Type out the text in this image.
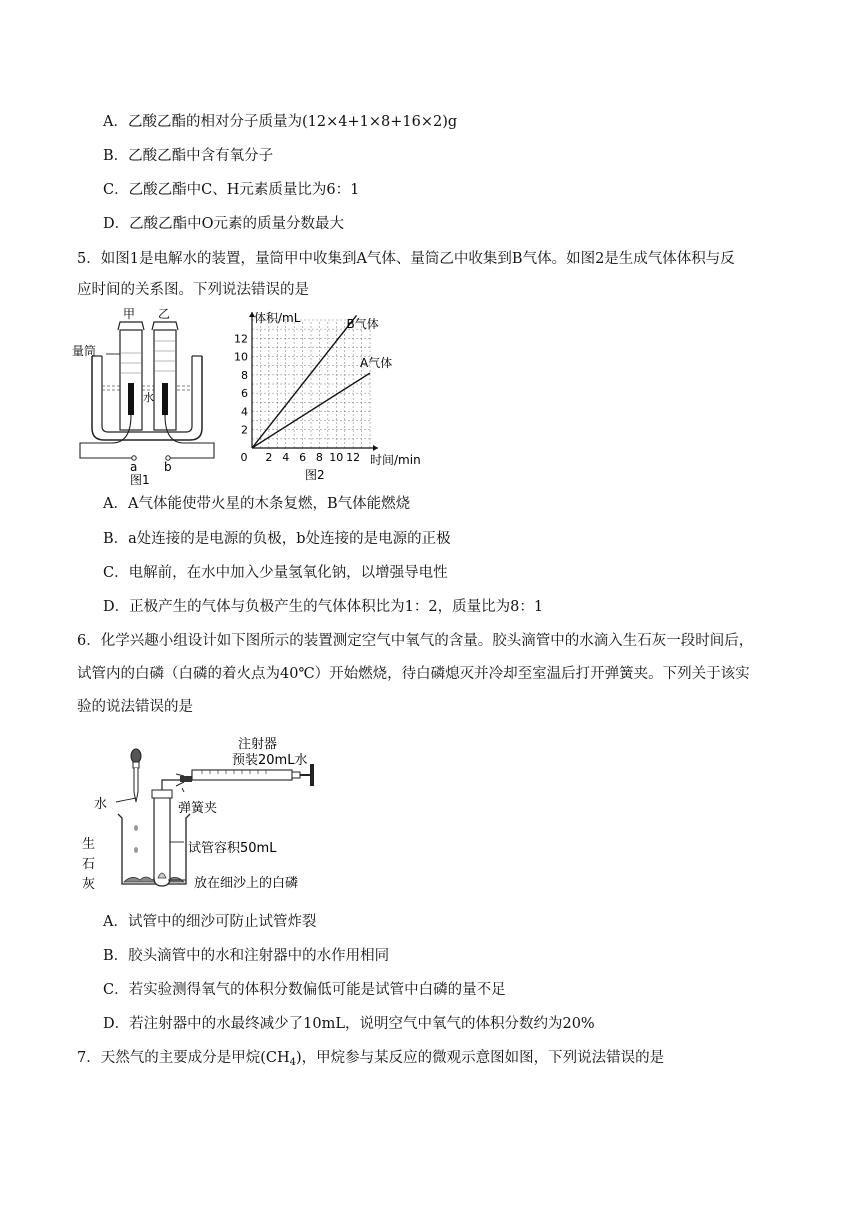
A．乙酸乙酯的相对分子质量为(12×4+1×8+16×2)g
B．乙酸乙酯中含有氧分子
C．乙酸乙酯中C、H元素质量比为6：1
D．乙酸乙酯中O元素的质量分数最大
5．如图1是电解水的装置，量筒甲中收集到A气体、量筒乙中收集到B气体。如图2是生成气体体积与反
应时间的关系图。下列说法错误的是
甲 乙
量筒
水
a b
图1
0 2 4 6 8 10 12
2
4
6
8
10
12
B气体
A气体
体积/mL
时间/min
图2
A．A气体能使带火星的木条复燃，B气体能燃烧
B．a处连接的是电源的负极，b处连接的是电源的正极
C．电解前，在水中加入少量氢氧化钠，以增强导电性
D．正极产生的气体与负极产生的气体体积比为1：2，质量比为8：1
6．化学兴趣小组设计如下图所示的装置测定空气中氧气的含量。胶头滴管中的水滴入生石灰一段时间后，
试管内的白磷（白磷的着火点为40℃）开始燃烧，待白磷熄灭并冷却至室温后打开弹簧夹。下列关于该实
验的说法错误的是
注射器
预装20mL水
水	弹簧夹
生
石
灰
试管容积50mL
放在细沙上的白磷
A．试管中的细沙可防止试管炸裂
B．胶头滴管中的水和注射器中的水作用相同
C．若实验测得氧气的体积分数偏低可能是试管中白磷的量不足
D．若注射器中的水最终减少了10mL，说明空气中氧气的体积分数约为20%
7．天然气的主要成分是甲烷$(CH_4)$，甲烷参与某反应的微观示意图如图，下列说法错误的是
